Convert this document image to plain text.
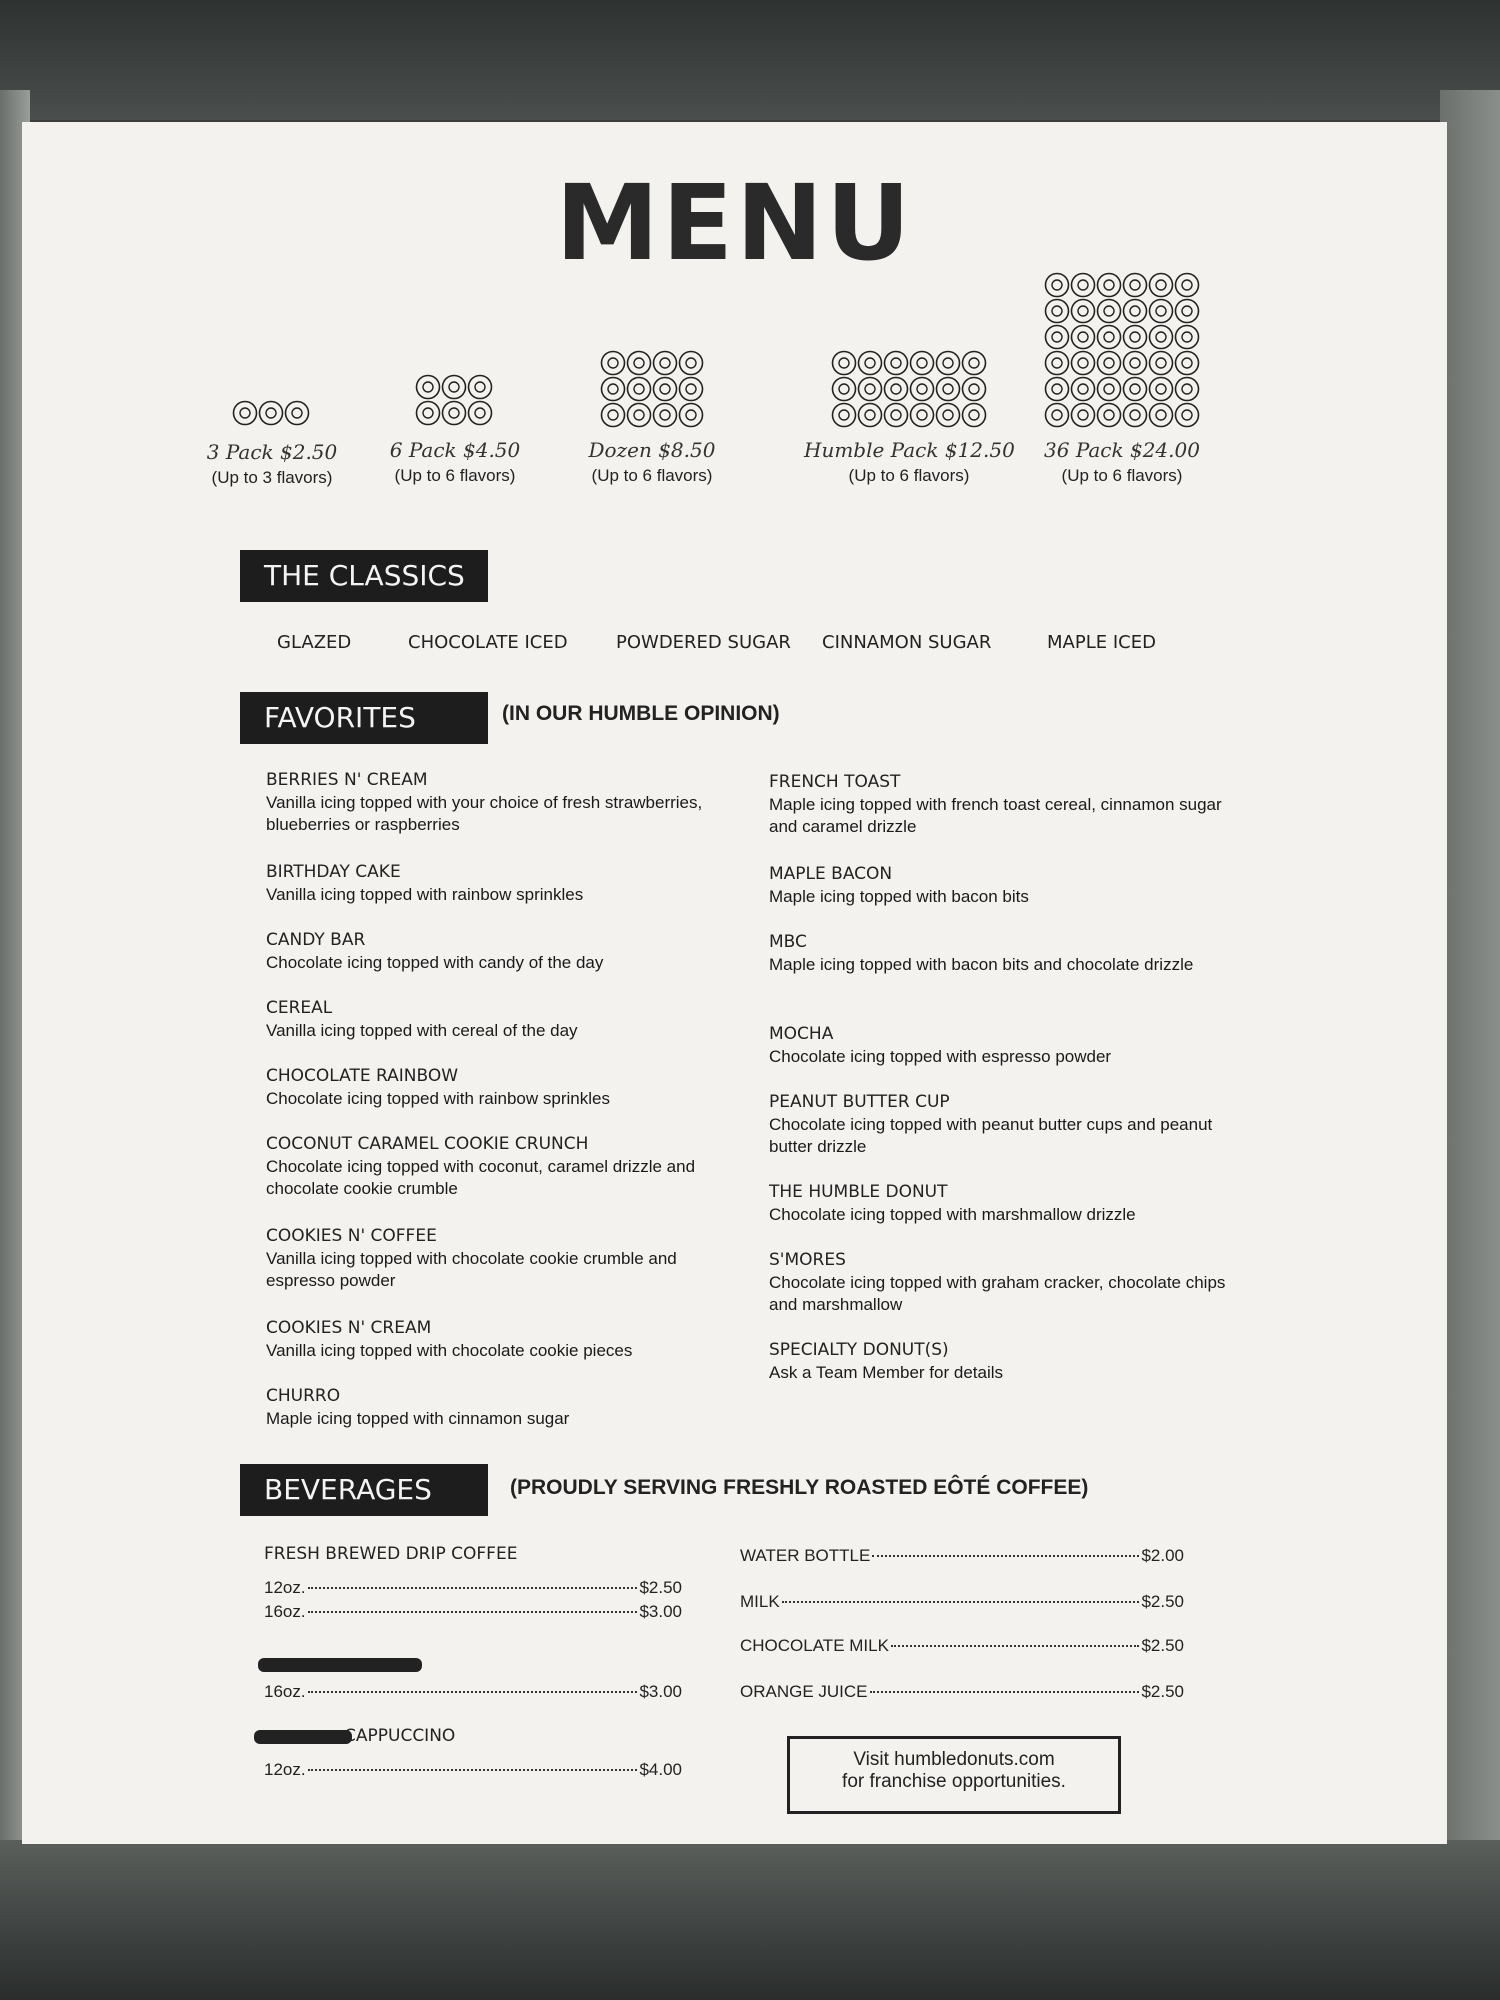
MENU
3 Pack $2.50
(Up to 3 flavors)
6 Pack $4.50
(Up to 6 flavors)
Dozen $8.50
(Up to 6 flavors)
Humble Pack $12.50
(Up to 6 flavors)
36 Pack $24.00
(Up to 6 flavors)
THE CLASSICS
GLAZED	CHOCOLATE ICED	POWDERED SUGAR CINNAMON SUGAR	MAPLE ICED
FAVORITES	(IN OUR HUMBLE OPINION)
BERRIES N' CREAM
Vanilla icing topped with your choice of fresh strawberries, blueberries or raspberries
BIRTHDAY CAKE
Vanilla icing topped with rainbow sprinkles
CANDY BAR
Chocolate icing topped with candy of the day
CEREAL
Vanilla icing topped with cereal of the day
CHOCOLATE RAINBOW
Chocolate icing topped with rainbow sprinkles
COCONUT CARAMEL COOKIE CRUNCH
Chocolate icing topped with coconut, caramel drizzle and chocolate cookie crumble
COOKIES N' COFFEE
Vanilla icing topped with chocolate cookie crumble and espresso powder
COOKIES N' CREAM
Vanilla icing topped with chocolate cookie pieces
CHURRO
Maple icing topped with cinnamon sugar
FRENCH TOAST
Maple icing topped with french toast cereal, cinnamon sugar and caramel drizzle
MAPLE BACON
Maple icing topped with bacon bits
MBC
Maple icing topped with bacon bits and chocolate drizzle
MOCHA
Chocolate icing topped with espresso powder
PEANUT BUTTER CUP
Chocolate icing topped with peanut butter cups and peanut butter drizzle
THE HUMBLE DONUT
Chocolate icing topped with marshmallow drizzle
S'MORES
Chocolate icing topped with graham cracker, chocolate chips and marshmallow
SPECIALTY DONUT(S)
Ask a Team Member for details
BEVERAGES	(PROUDLY SERVING FRESHLY ROASTED EÔTÉ COFFEE)
FRESH BREWED DRIP COFFEE
12oz.	$2.50
16oz.	$3.00
16oz.	$3.00
CAPPUCCINO
12oz.	$4.00
WATER BOTTLE	$2.00
MILK	$2.50
CHOCOLATE MILK	$2.50
ORANGE JUICE	$2.50
Visit humbledonuts.com
for franchise opportunities.
